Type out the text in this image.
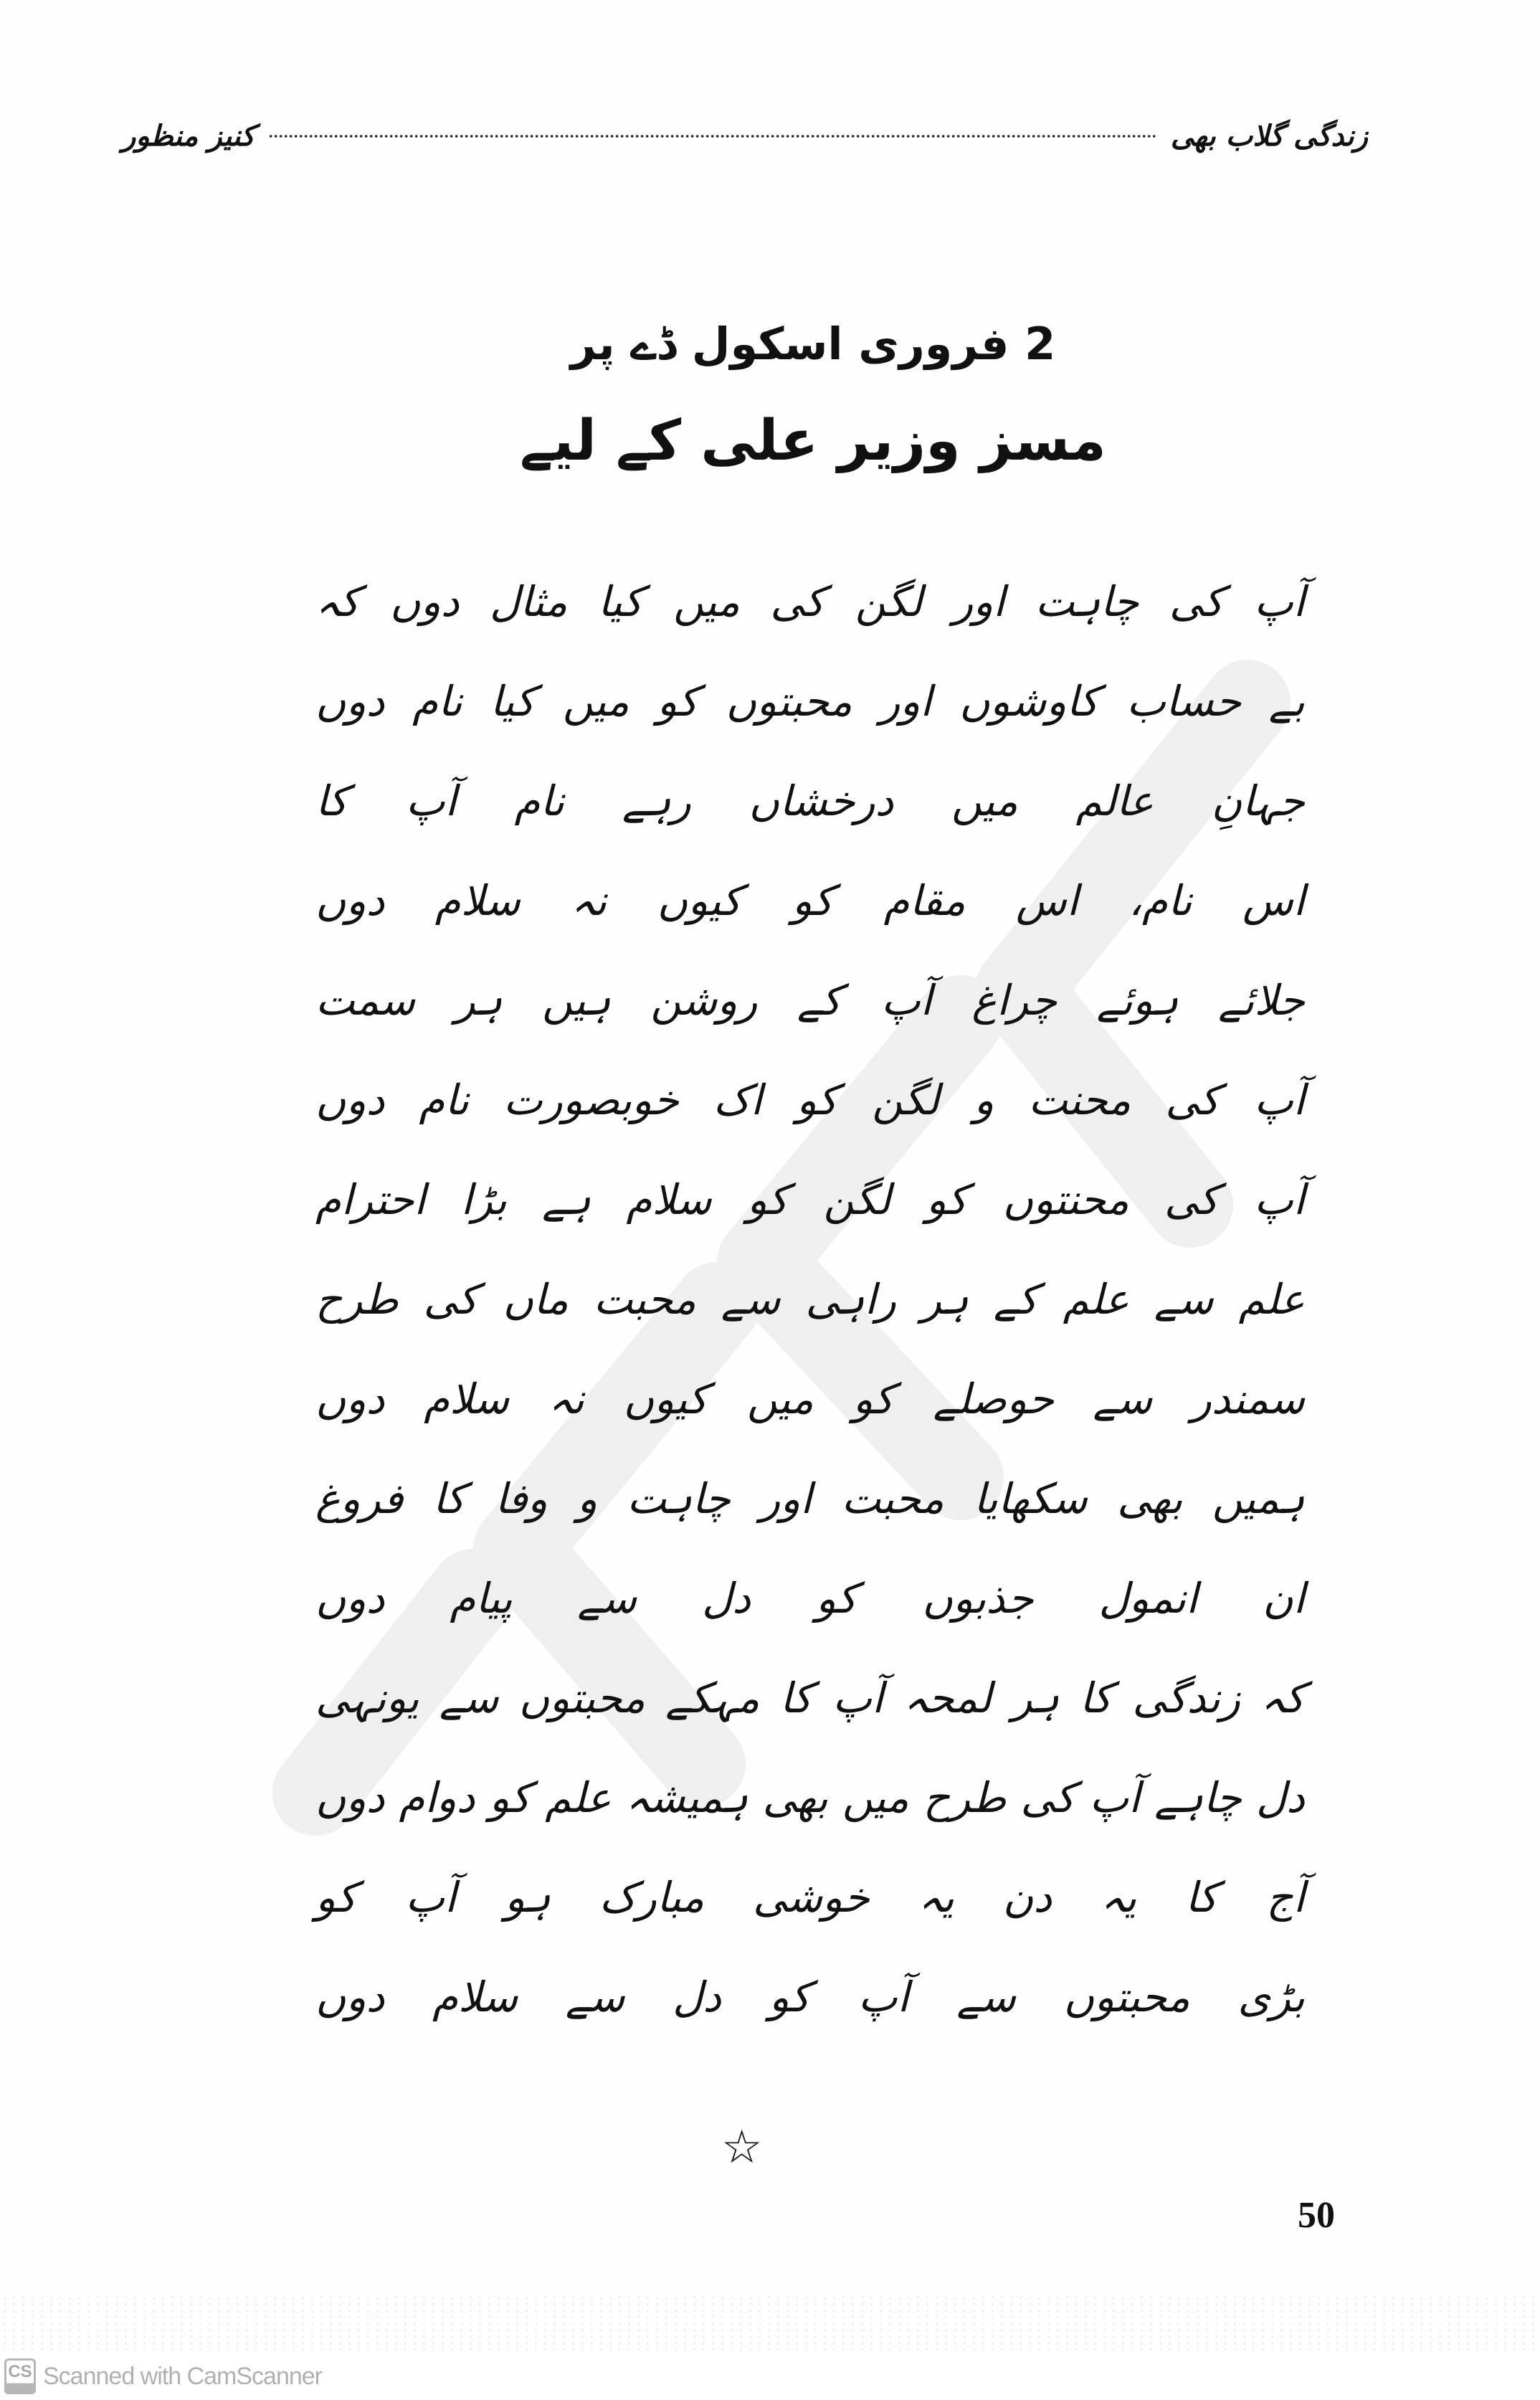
زندگی گلاب بھی
کنیز منظور
2 فروری اسکول ڈے پر
مسز وزیر علی کے لیے
آپ کی چاہت اور لگن کی میں کیا مثال دوں کہ
بے حساب کاوشوں اور محبتوں کو میں کیا نام دوں
جہانِ عالم میں درخشاں رہے نام آپ کا
اس نام، اس مقام کو کیوں نہ سلام دوں
جلائے ہوئے چراغ آپ کے روشن ہیں ہر سمت
آپ کی محنت و لگن کو اک خوبصورت نام دوں
آپ کی محنتوں کو لگن کو سلام ہے بڑا احترام
علم سے علم کے ہر راہی سے محبت ماں کی طرح
سمندر سے حوصلے کو میں کیوں نہ سلام دوں
ہمیں بھی سکھایا محبت اور چاہت و وفا کا فروغ
ان انمول جذبوں کو دل سے پیام دوں
کہ زندگی کا ہر لمحہ آپ کا مہکے محبتوں سے یونہی
دل چاہے آپ کی طرح میں بھی ہمیشہ علم کو دوام دوں
آج کا یہ دن یہ خوشی مبارک ہو آپ کو
بڑی محبتوں سے آپ کو دل سے سلام دوں
☆
50
CS Scanned with CamScanner
